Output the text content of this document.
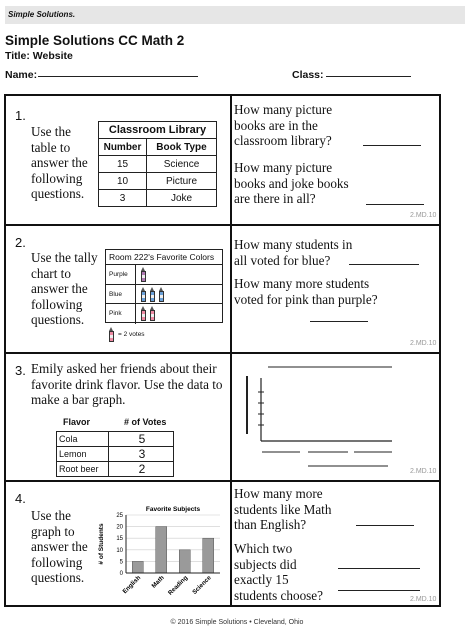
Simple Solutions.
Simple Solutions CC Math 2
Title: Website
Name:	Class:
1.
Use the table to answer the following questions.
Classroom Library	
Number	Book Type
15	Science
10	Picture
3	Joke
How many picture books are in the classroom library?
How many picture books and joke books are there in all?
2.MD.10
2.
Use the tally chart to answer the following questions.
Room 222's Favorite Colors
Purple
Blue
Pink
= 2 votes
How many students in all voted for blue?
How many more students voted for pink than purple?
2.MD.10
3. Emily asked her friends about their favorite drink flavor. Use the data to make a bar graph.
Flavor	# of Votes
Cola	5
Lemon	3
Root beer	2	2.MD.10
4.
Use the graph to answer the following questions.
Favorite Subjects
# of Students
0
5
10
15
20
25
English Math Reading Science
How many more students like Math than English?
Which two subjects did exactly 15 students choose?	2.MD.10
© 2016 Simple Solutions • Cleveland, Ohio
